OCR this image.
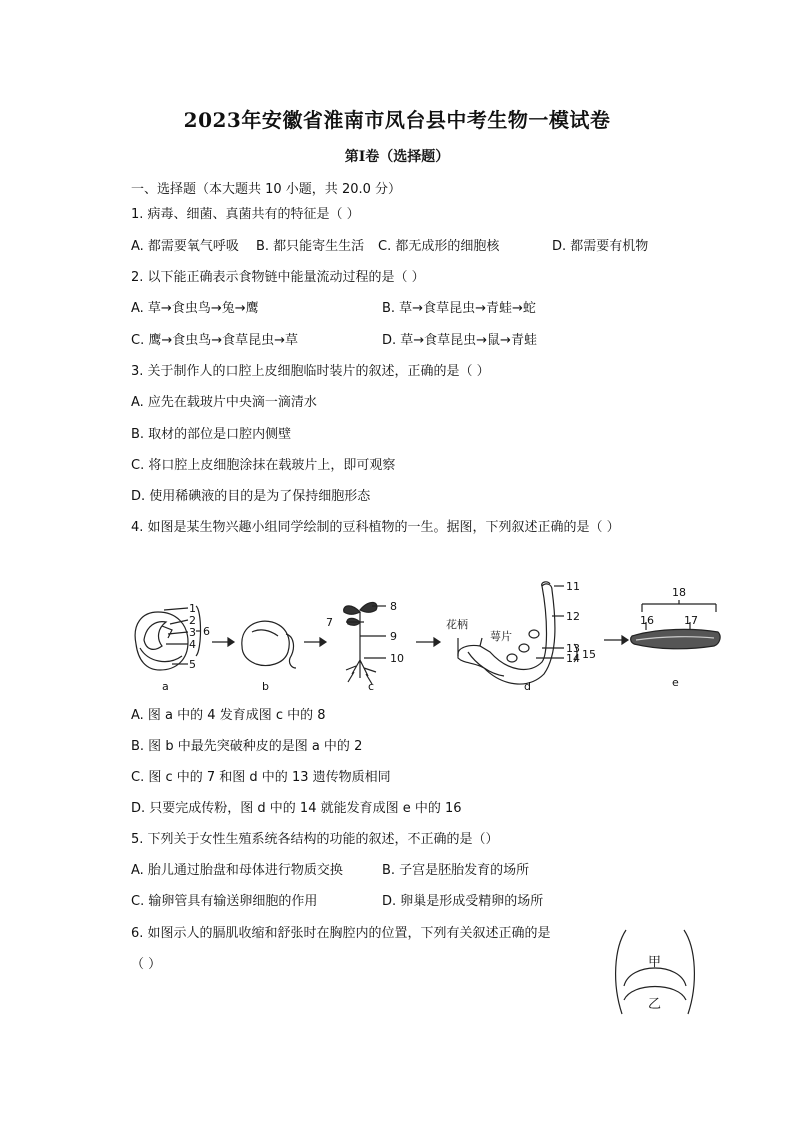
2023年安徽省淮南市凤台县中考生物一模试卷
第Ⅰ卷（选择题）
一、选择题（本大题共 10 小题，共 20.0 分）
1. 病毒、细菌、真菌共有的特征是（ ）
A. 都需要氧气呼吸 B. 都只能寄生生活 C. 都无成形的细胞核	D. 都需要有机物
2. 以下能正确表示食物链中能量流动过程的是（ ）
A. 草→食虫鸟→兔→鹰	B. 草→食草昆虫→青蛙→蛇
C. 鹰→食虫鸟→食草昆虫→草	D. 草→食草昆虫→鼠→青蛙
3. 关于制作人的口腔上皮细胞临时装片的叙述，正确的是（ ）
A. 应先在载玻片中央滴一滴清水
B. 取材的部位是口腔内侧壁
C. 将口腔上皮细胞涂抹在载玻片上，即可观察
D. 使用稀碘液的目的是为了保持细胞形态
4. 如图是某生物兴趣小组同学绘制的豆科植物的一生。据图，下列叙述正确的是（ ）
1
2
3
4
5
6
7
8
9
10
11
12
13
14 15
花柄
萼片
16	17
18
a	b	c	d	e
A. 图 a 中的 4 发育成图 c 中的 8
B. 图 b 中最先突破种皮的是图 a 中的 2
C. 图 c 中的 7 和图 d 中的 13 遗传物质相同
D. 只要完成传粉，图 d 中的 14 就能发育成图 e 中的 16
5. 下列关于女性生殖系统各结构的功能的叙述，不正确的是（）
A. 胎儿通过胎盘和母体进行物质交换	B. 子宫是胚胎发育的场所
C. 输卵管具有输送卵细胞的作用	D. 卵巢是形成受精卵的场所
6. 如图示人的膈肌收缩和舒张时在胸腔内的位置，下列有关叙述正确的是
（ ）	甲
乙
